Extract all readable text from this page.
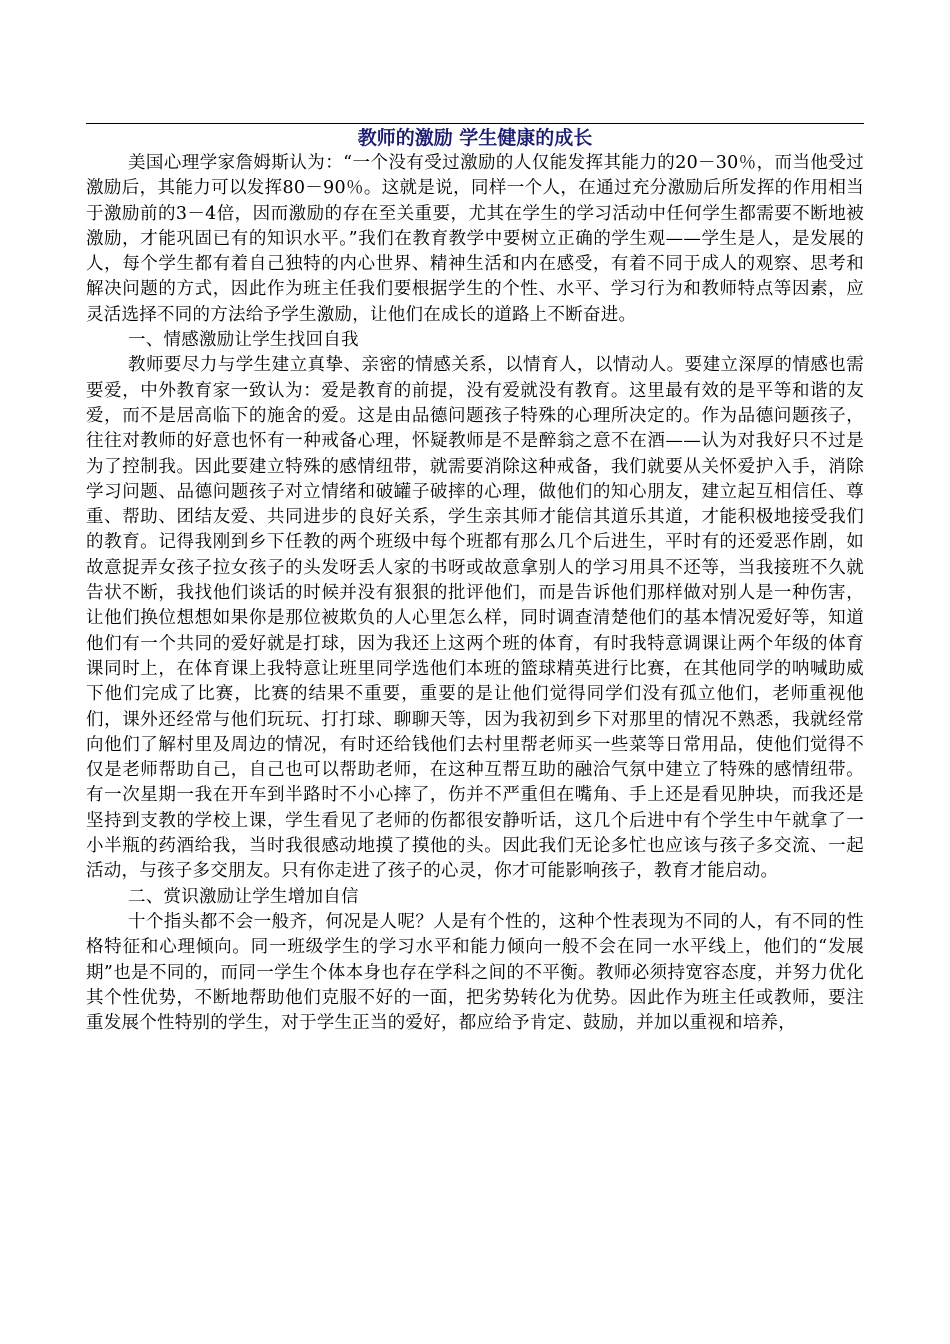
教师的激励 学生健康的成长

美国心理学家詹姆斯认为：“一个没有受过激励的人仅能发挥其能力的20－30％，而当他受过激励后，其能力可以发挥80－90％。这就是说，同样一个人，在通过充分激励后所发挥的作用相当于激励前的3－4倍，因而激励的存在至关重要，尤其在学生的学习活动中任何学生都需要不断地被激励，才能巩固已有的知识水平。”我们在教育教学中要树立正确的学生观——学生是人，是发展的人，每个学生都有着自己独特的内心世界、精神生活和内在感受，有着不同于成人的观察、思考和解决问题的方式，因此作为班主任我们要根据学生的个性、水平、学习行为和教师特点等因素，应灵活选择不同的方法给予学生激励，让他们在成长的道路上不断奋进。

一、情感激励让学生找回自我

教师要尽力与学生建立真挚、亲密的情感关系，以情育人，以情动人。要建立深厚的情感也需要爱，中外教育家一致认为：爱是教育的前提，没有爱就没有教育。这里最有效的是平等和谐的友爱，而不是居高临下的施舍的爱。这是由品德问题孩子特殊的心理所决定的。作为品德问题孩子，往往对教师的好意也怀有一种戒备心理，怀疑教师是不是醉翁之意不在酒——认为对我好只不过是为了控制我。因此要建立特殊的感情纽带，就需要消除这种戒备，我们就要从关怀爱护入手，消除学习问题、品德问题孩子对立情绪和破罐子破摔的心理，做他们的知心朋友，建立起互相信任、尊重、帮助、团结友爱、共同进步的良好关系，学生亲其师才能信其道乐其道，才能积极地接受我们的教育。记得我刚到乡下任教的两个班级中每个班都有那么几个后进生，平时有的还爱恶作剧，如故意捉弄女孩子拉女孩子的头发呀丢人家的书呀或故意拿别人的学习用具不还等，当我接班不久就告状不断，我找他们谈话的时候并没有狠狠的批评他们，而是告诉他们那样做对别人是一种伤害，让他们换位想想如果你是那位被欺负的人心里怎么样，同时调查清楚他们的基本情况爱好等，知道他们有一个共同的爱好就是打球，因为我还上这两个班的体育，有时我特意调课让两个年级的体育课同时上，在体育课上我特意让班里同学选他们本班的篮球精英进行比赛，在其他同学的呐喊助威下他们完成了比赛，比赛的结果不重要，重要的是让他们觉得同学们没有孤立他们，老师重视他们，课外还经常与他们玩玩、打打球、聊聊天等，因为我初到乡下对那里的情况不熟悉，我就经常向他们了解村里及周边的情况，有时还给钱他们去村里帮老师买一些菜等日常用品，使他们觉得不仅是老师帮助自己，自己也可以帮助老师，在这种互帮互助的融洽气氛中建立了特殊的感情纽带。有一次星期一我在开车到半路时不小心摔了，伤并不严重但在嘴角、手上还是看见肿块，而我还是坚持到支教的学校上课，学生看见了老师的伤都很安静听话，这几个后进中有个学生中午就拿了一小半瓶的药酒给我，当时我很感动地摸了摸他的头。因此我们无论多忙也应该与孩子多交流、一起活动，与孩子多交朋友。只有你走进了孩子的心灵，你才可能影响孩子，教育才能启动。

二、赏识激励让学生增加自信

十个指头都不会一般齐，何况是人呢？人是有个性的，这种个性表现为不同的人，有不同的性格特征和心理倾向。同一班级学生的学习水平和能力倾向一般不会在同一水平线上，他们的“发展期”也是不同的，而同一学生个体本身也存在学科之间的不平衡。教师必须持宽容态度，并努力优化其个性优势，不断地帮助他们克服不好的一面，把劣势转化为优势。因此作为班主任或教师，要注重发展个性特别的学生，对于学生正当的爱好，都应给予肯定、鼓励，并加以重视和培养，
